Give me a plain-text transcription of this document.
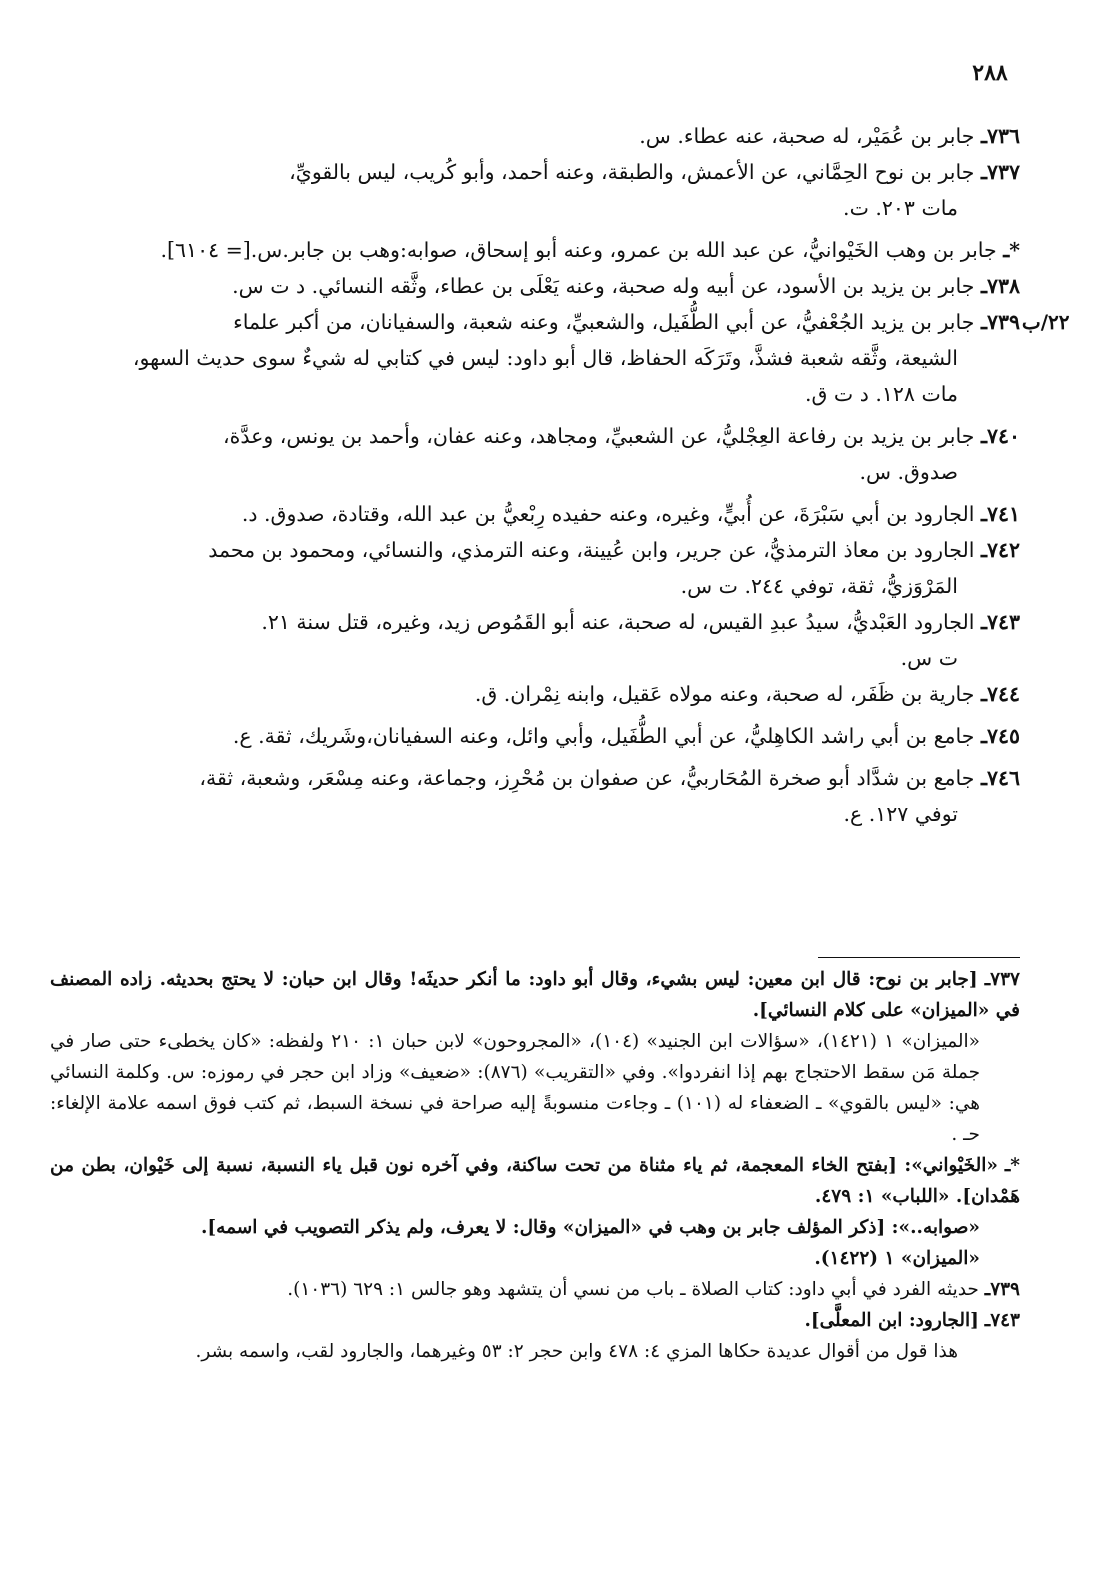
٢٨٨
٧٣٦ـ جابر بن عُمَيْر، له صحبة، عنه عطاء. س.
٧٣٧ـ جابر بن نوح الحِمَّاني، عن الأعمش، والطبقة، وعنه أحمد، وأبو كُريب، ليس بالقويِّ،
مات ٢٠٣. ت.
*ـ جابر بن وهب الخَيْوانيُّ، عن عبد الله بن عمرو، وعنه أبو إسحاق، صوابه:وهب بن جابر.س.[= ٦١٠٤].
٧٣٨ـ جابر بن يزيد بن الأسود، عن أبيه وله صحبة، وعنه يَعْلَى بن عطاء، وثَّقه النسائي. د ت س.
٢٢/ب
٧٣٩ـ جابر بن يزيد الجُعْفيُّ، عن أبي الطُّفَيل، والشعبيِّ، وعنه شعبة، والسفيانان، من أكبر علماء
الشيعة، وثَّقه شعبة فشذَّ، وتَرَكَه الحفاظ، قال أبو داود: ليس في كتابي له شيءٌ سوى حديث السهو،
مات ١٢٨. د ت ق.
٧٤٠ـ جابر بن يزيد بن رفاعة العِجْليُّ، عن الشعبيِّ، ومجاهد، وعنه عفان، وأحمد بن يونس، وعدَّة،
صدوق. س.
٧٤١ـ الجارود بن أبي سَبْرَةَ، عن أُبيٍّ، وغيره، وعنه حفيده رِبْعيُّ بن عبد الله، وقتادة، صدوق. د.
٧٤٢ـ الجارود بن معاذ الترمذيُّ، عن جرير، وابن عُيينة، وعنه الترمذي، والنسائي، ومحمود بن محمد
المَرْوَزيُّ، ثقة، توفي ٢٤٤. ت س.
٧٤٣ـ الجارود العَبْديُّ، سيدُ عبدِ القيس، له صحبة، عنه أبو القَمُوص زيد، وغيره، قتل سنة ٢١.
ت س.
٧٤٤ـ جارية بن ظَفَر، له صحبة، وعنه مولاه عَقيل، وابنه نِمْران. ق.
٧٤٥ـ جامع بن أبي راشد الكاهِليُّ، عن أبي الطُّفَيل، وأبي وائل، وعنه السفيانان،وشَريك، ثقة. ع.
٧٤٦ـ جامع بن شدَّاد أبو صخرة المُحَاربيُّ، عن صفوان بن مُحْرِز، وجماعة، وعنه مِسْعَر، وشعبة، ثقة،
توفي ١٢٧. ع.
٧٣٧ـ [جابر بن نوح: قال ابن معين: ليس بشيء، وقال أبو داود: ما أنكر حديثَه! وقال ابن حبان: لا يحتج بحديثه. زاده المصنف في «الميزان» على كلام النسائي].
«الميزان» ١ (١٤٢١)، «سؤالات ابن الجنيد» (١٠٤)، «المجروحون» لابن حبان ١: ٢١٠ ولفظه: «كان يخطىء حتى صار في جملة مَن سقط الاحتجاج بهم إذا انفردوا». وفي «التقريب» (٨٧٦): «ضعيف» وزاد ابن حجر في رموزه: س. وكلمة النسائي هي: «ليس بالقوي» ـ الضعفاء له (١٠١) ـ وجاءت منسوبةً إليه صراحة في نسخة السبط، ثم كتب فوق اسمه علامة الإلغاء: حـ .
*ـ «الخَيْواني»: [بفتح الخاء المعجمة، ثم ياء مثناة من تحت ساكنة، وفي آخره نون قبل ياء النسبة، نسبة إلى خَيْوان، بطن من هَمْدان]. «اللباب» ١: ٤٧٩.
«صوابه..»: [ذكر المؤلف جابر بن وهب في «الميزان» وقال: لا يعرف، ولم يذكر التصويب في اسمه].
«الميزان» ١ (١٤٢٢).
٧٣٩ـ حديثه الفرد في أبي داود: كتاب الصلاة ـ باب من نسي أن يتشهد وهو جالس ١: ٦٢٩ (١٠٣٦).
٧٤٣ـ [الجارود: ابن المعلَّى].
هذا قول من أقوال عديدة حكاها المزي ٤: ٤٧٨ وابن حجر ٢: ٥٣ وغيرهما، والجارود لقب، واسمه بشر.
